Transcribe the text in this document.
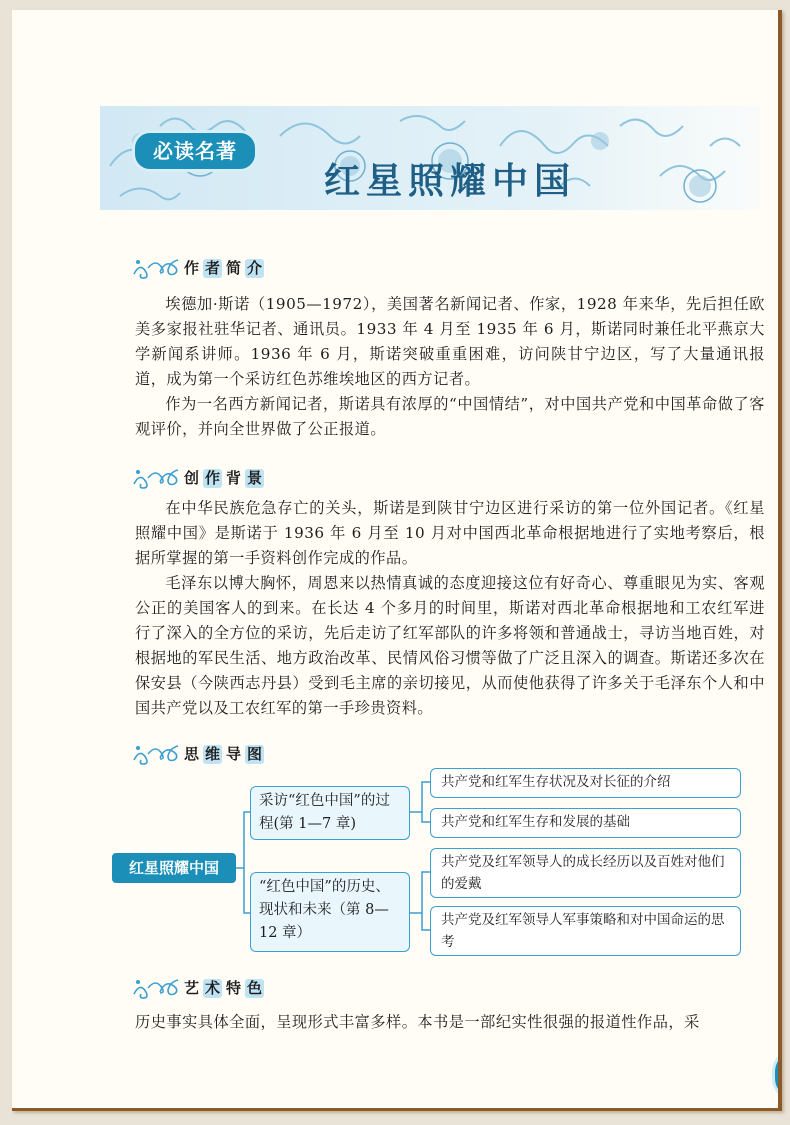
必读名著
红星照耀中国
作 者 简 介

埃德加·斯诺（1905—1972），美国著名新闻记者、作家，1928 年来华，先后担任欧美多家报社驻华记者、通讯员。1933 年 4 月至 1935 年 6 月，斯诺同时兼任北平燕京大学新闻系讲师。1936 年 6 月，斯诺突破重重困难，访问陕甘宁边区，写了大量通讯报道，成为第一个采访红色苏维埃地区的西方记者。

作为一名西方新闻记者，斯诺具有浓厚的“中国情结”，对中国共产党和中国革命做了客观评价，并向全世界做了公正报道。

创 作 背 景

在中华民族危急存亡的关头，斯诺是到陕甘宁边区进行采访的第一位外国记者。《红星照耀中国》是斯诺于 1936 年 6 月至 10 月对中国西北革命根据地进行了实地考察后，根据所掌握的第一手资料创作完成的作品。

毛泽东以博大胸怀，周恩来以热情真诚的态度迎接这位有好奇心、尊重眼见为实、客观公正的美国客人的到来。在长达 4 个多月的时间里，斯诺对西北革命根据地和工农红军进行了深入的全方位的采访，先后走访了红军部队的许多将领和普通战士，寻访当地百姓，对根据地的军民生活、地方政治改革、民情风俗习惯等做了广泛且深入的调查。斯诺还多次在保安县（今陕西志丹县）受到毛主席的亲切接见，从而使他获得了许多关于毛泽东个人和中国共产党以及工农红军的第一手珍贵资料。

思 维 导 图
红星照耀中国
采访“红色中国”的过程(第 1—7 章)
“红色中国”的历史、现状和未来（第 8—12 章）
共产党和红军生存状况及对长征的介绍
共产党和红军生存和发展的基础
共产党及红军领导人的成长经历以及百姓对他们的爱戴
共产党及红军领导人军事策略和对中国命运的思考
艺 术 特 色

历史事实具体全面，呈现形式丰富多样。本书是一部纪实性很强的报道性作品，采
